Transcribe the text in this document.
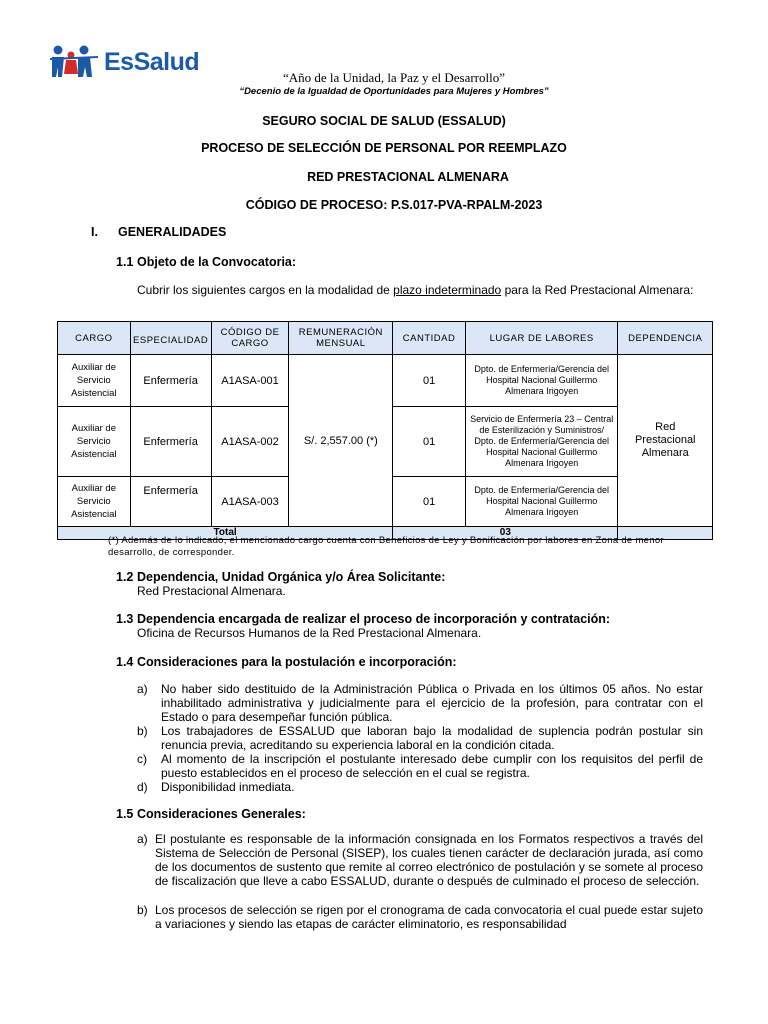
EsSalud
“Año de la Unidad, la Paz y el Desarrollo”
“Decenio de la Igualdad de Oportunidades para Mujeres y Hombres”
SEGURO SOCIAL DE SALUD (ESSALUD)
PROCESO DE SELECCIÓN DE PERSONAL POR REEMPLAZO
RED PRESTACIONAL ALMENARA
CÓDIGO DE PROCESO: P.S.017-PVA-RPALM-2023
I. GENERALIDADES
1.1 Objeto de la Convocatoria:
Cubrir los siguientes cargos en la modalidad de plazo indeterminado para la Red Prestacional Almenara:
CARGO	ESPECIALIDAD	CÓDIGO DE CARGO	REMUNERACIÓN MENSUAL	CANTIDAD	LUGAR DE LABORES	DEPENDENCIA
Auxiliar de Servicio Asistencial	Enfermería	A1ASA-001	S/. 2,557.00 (*)	01	Dpto. de Enfermería/Gerencia del Hospital Nacional Guillermo Almenara Irigoyen	Red Prestacional Almenara
Auxiliar de Servicio Asistencial	Enfermería	A1ASA-002		01	Servicio de Enfermería 23 – Central de Esterilización y Suministros/ Dpto. de Enfermería/Gerencia del Hospital Nacional Guillermo Almenara Irigoyen	
Auxiliar de Servicio Asistencial	Enfermería	A1ASA-003		01	Dpto. de Enfermería/Gerencia del Hospital Nacional Guillermo Almenara Irigoyen	
Total				03		
(*) Además de lo indicado, el mencionado cargo cuenta con Beneficios de Ley y Bonificación por labores en Zona de menor desarrollo, de corresponder.
1.2 Dependencia, Unidad Orgánica y/o Área Solicitante:
Red Prestacional Almenara.
1.3 Dependencia encargada de realizar el proceso de incorporación y contratación:
Oficina de Recursos Humanos de la Red Prestacional Almenara.
1.4 Consideraciones para la postulación e incorporación:
a) No haber sido destituido de la Administración Pública o Privada en los últimos 05 años. No estar inhabilitado administrativa y judicialmente para el ejercicio de la profesión, para contratar con el Estado o para desempeñar función pública.
b) Los trabajadores de ESSALUD que laboran bajo la modalidad de suplencia podrán postular sin renuncia previa, acreditando su experiencia laboral en la condición citada.
c) Al momento de la inscripción el postulante interesado debe cumplir con los requisitos del perfil de puesto establecidos en el proceso de selección en el cual se registra.
d) Disponibilidad inmediata.
1.5 Consideraciones Generales:
a) El postulante es responsable de la información consignada en los Formatos respectivos a través del Sistema de Selección de Personal (SISEP), los cuales tienen carácter de declaración jurada, así como de los documentos de sustento que remite al correo electrónico de postulación y se somete al proceso de fiscalización que lleve a cabo ESSALUD, durante o después de culminado el proceso de selección.
b) Los procesos de selección se rigen por el cronograma de cada convocatoria el cual puede estar sujeto a variaciones y siendo las etapas de carácter eliminatorio, es responsabilidad
